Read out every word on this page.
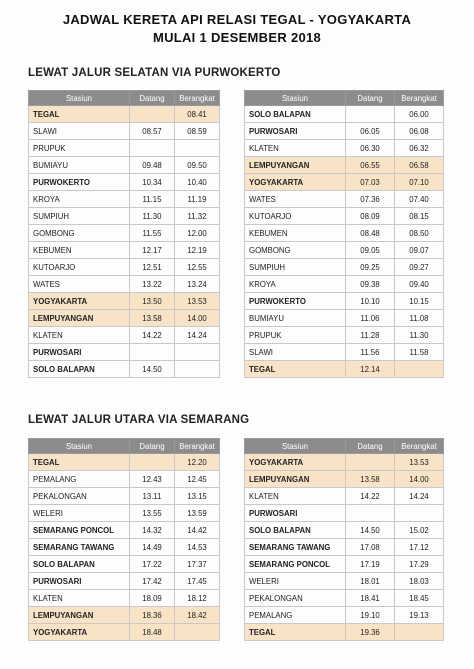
JADWAL KERETA API RELASI TEGAL - YOGYAKARTA
MULAI 1 DESEMBER 2018
LEWAT JALUR SELATAN VIA PURWOKERTO
Stasiun	Datang	Berangkat
TEGAL		08.41
SLAWI	08.57	08.59
PRUPUK		
BUMIAYU	09.48	09.50
PURWOKERTO	10.34	10.40
KROYA	11.15	11.19
SUMPIUH	11.30	11.32
GOMBONG	11.55	12.00
KEBUMEN	12.17	12.19
KUTOARJO	12.51	12.55
WATES	13.22	13.24
YOGYAKARTA	13.50	13.53
LEMPUYANGAN	13.58	14.00
KLATEN	14.22	14.24
PURWOSARI		
SOLO BALAPAN	14.50	
Stasiun	Datang	Berangkat
SOLO BALAPAN		06.00
PURWOSARI	06.05	06.08
KLATEN	06.30	06.32
LEMPUYANGAN	06.55	06.58
YOGYAKARTA	07.03	07.10
WATES	07.36	07.40
KUTOARJO	08.09	08.15
KEBUMEN	08.48	08.50
GOMBONG	09.05	09.07
SUMPIUH	09.25	09.27
KROYA	09.38	09.40
PURWOKERTO	10.10	10.15
BUMIAYU	11.06	11.08
PRUPUK	11.28	11.30
SLAWI	11.56	11.58
TEGAL	12.14	
LEWAT JALUR UTARA VIA SEMARANG
Stasiun	Datang	Berangkat
TEGAL		12.20
PEMALANG	12.43	12.45
PEKALONGAN	13.11	13.15
WELERI	13.55	13.59
SEMARANG PONCOL	14.32	14.42
SEMARANG TAWANG	14.49	14.53
SOLO BALAPAN	17.22	17.37
PURWOSARI	17.42	17.45
KLATEN	18.09	18.12
LEMPUYANGAN	18.36	18.42
YOGYAKARTA	18.48	
Stasiun	Datang	Berangkat
YOGYAKARTA		13.53
LEMPUYANGAN	13.58	14.00
KLATEN	14.22	14.24
PURWOSARI		
SOLO BALAPAN	14.50	15.02
SEMARANG TAWANG	17.08	17.12
SEMARANG PONCOL	17.19	17.29
WELERI	18.01	18.03
PEKALONGAN	18.41	18.45
PEMALANG	19.10	19.13
TEGAL	19.36	
